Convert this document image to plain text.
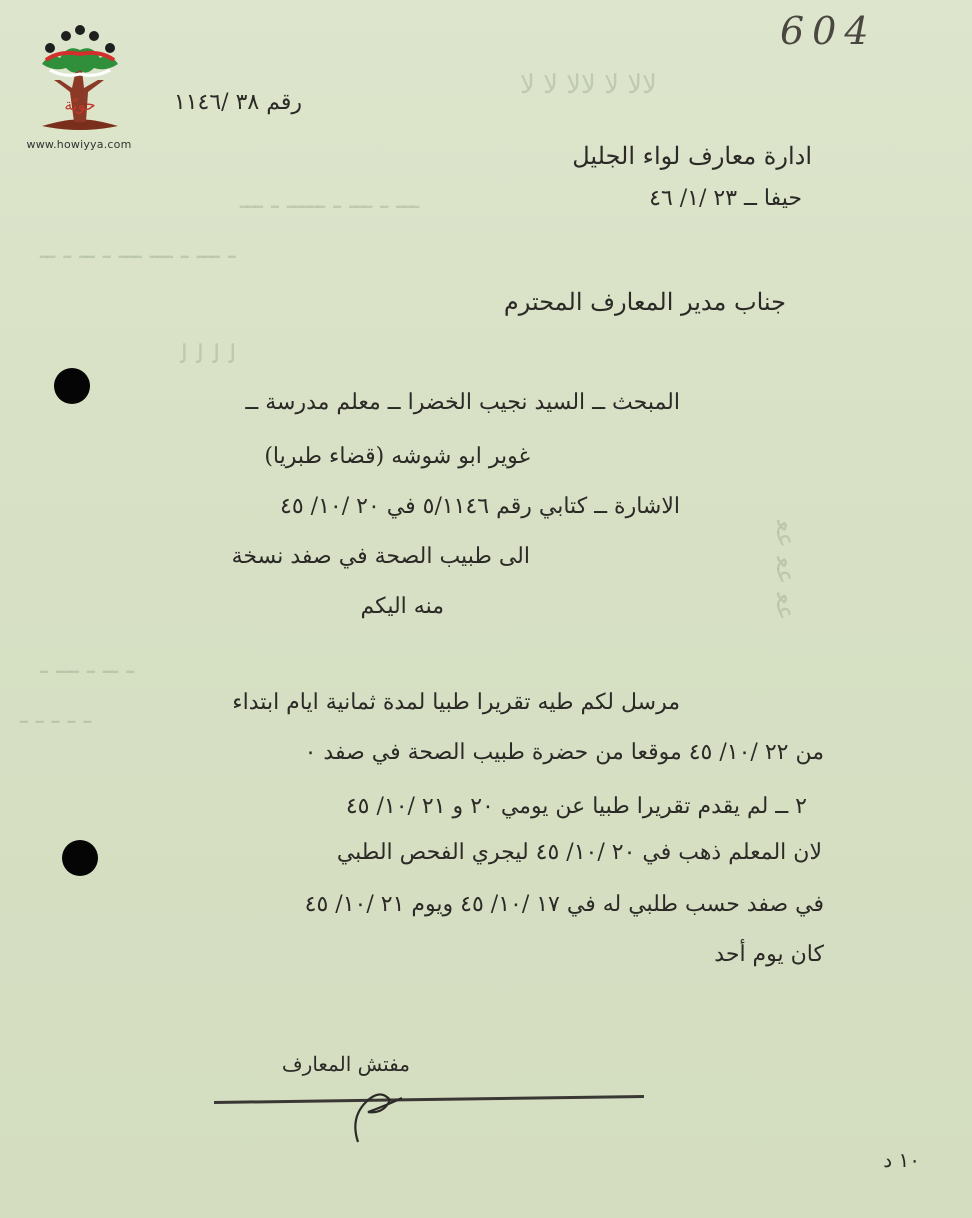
ﻻﻻ ﻻ ﻻﻻ ﻻ ﻻ
ـــ ـ ـــ ـ ـــــ ـ ـــ
ـ ـــ ـ ـــ ـــ ـ ــ ـ ــ
ﻟ ﻟ ﻟ ﻟ
ـ ــ ـ ـــ ـ
ـ ـ ـ ـ ـ
ﻋﻌ ﻋﻌ ﻋﻌ
حويّة
www.howiyya.com
604
رقم ٣٨ /١١٤٦
ادارة معارف لواء الجليل
حيفا ــ ٢٣ /١/ ٤٦
جناب مدير المعارف المحترم
المبحث ــ السيد نجيب الخضرا ــ معلم مدرسة ــ
غوير ابو شوشه (قضاء طبريا)
الاشارة ــ كتابي رقم ٥/١١٤٦ في ٢٠ /١٠/ ٤٥
الى طبيب الصحة في صفد نسخة
منه اليكم
مرسل لكم طيه تقريرا طبيا لمدة ثمانية ايام ابتداء
من ٢٢ /١٠/ ٤٥ موقعا من حضرة طبيب الصحة في صفد ٠
٢ ــ لم يقدم تقريرا طبيا عن يومي ٢٠ و ٢١ /١٠/ ٤٥
لان المعلم ذهب في ٢٠ /١٠/ ٤٥ ليجري الفحص الطبي
في صفد حسب طلبي له في ١٧ /١٠/ ٤٥ ويوم ٢١ /١٠/ ٤٥
كان يوم أحد
مفتش المعارف
١٠ د
